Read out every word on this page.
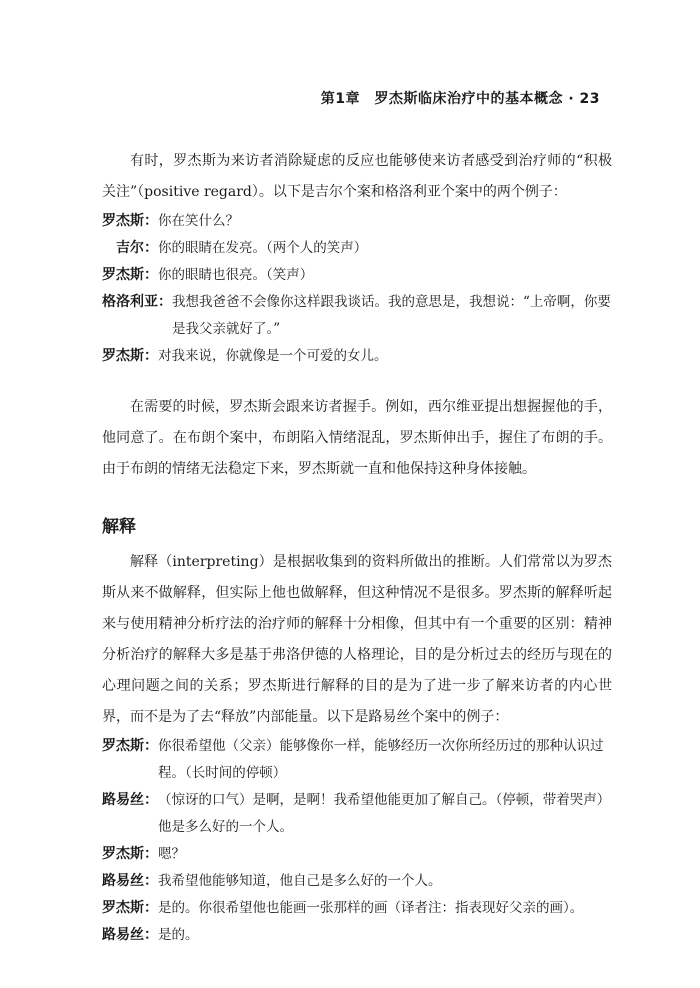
第1章　罗杰斯临床治疗中的基本概念 · 23

有时，罗杰斯为来访者消除疑虑的反应也能够使来访者感受到治疗师的“积极关注”（positive regard）。以下是吉尔个案和格洛利亚个案中的两个例子：

罗杰斯： 你在笑什么？
吉尔： 你的眼睛在发亮。（两个人的笑声）
罗杰斯： 你的眼睛也很亮。（笑声）
格洛利亚： 我想我爸爸不会像你这样跟我谈话。我的意思是，我想说：“上帝啊，你要是我父亲就好了。”
罗杰斯： 对我来说，你就像是一个可爱的女儿。

在需要的时候，罗杰斯会跟来访者握手。例如，西尔维亚提出想握握他的手，他同意了。在布朗个案中，布朗陷入情绪混乱，罗杰斯伸出手，握住了布朗的手。由于布朗的情绪无法稳定下来，罗杰斯就一直和他保持这种身体接触。

解释

解释（interpreting）是根据收集到的资料所做出的推断。人们常常以为罗杰斯从来不做解释，但实际上他也做解释，但这种情况不是很多。罗杰斯的解释听起来与使用精神分析疗法的治疗师的解释十分相像，但其中有一个重要的区别：精神分析治疗的解释大多是基于弗洛伊德的人格理论，目的是分析过去的经历与现在的心理问题之间的关系；罗杰斯进行解释的目的是为了进一步了解来访者的内心世界，而不是为了去“释放”内部能量。以下是路易丝个案中的例子：

罗杰斯： 你很希望他（父亲）能够像你一样，能够经历一次你所经历过的那种认识过程。（长时间的停顿）
路易丝： （惊讶的口气）是啊，是啊！我希望他能更加了解自己。（停顿，带着哭声）他是多么好的一个人。
罗杰斯： 嗯？
路易丝： 我希望他能够知道，他自己是多么好的一个人。
罗杰斯： 是的。你很希望他也能画一张那样的画（译者注：指表现好父亲的画）。
路易丝： 是的。
